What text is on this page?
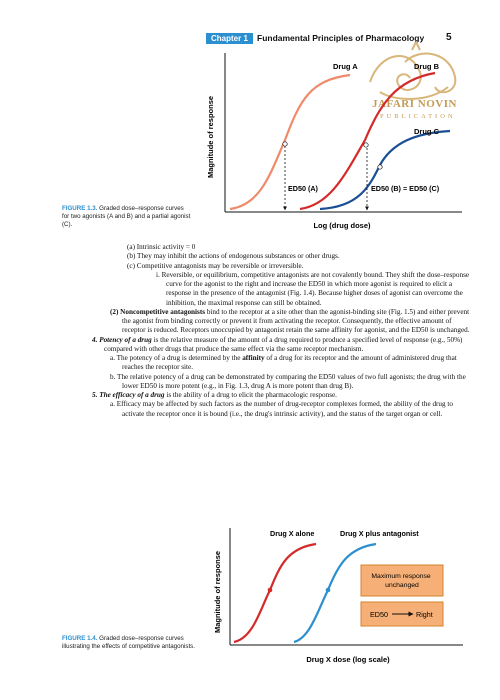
Chapter 1	Fundamental Principles of Pharmacology 5
JAFARI NOVIN
PUBLICATION
Magnitude of response
Log (drug dose)
Drug A	Drug B
Drug C
ED50 (A)	ED50 (B) = ED50 (C)
FIGURE 1.3. Graded dose–response curves for two agonists (A and B) and a partial agonist (C).

(a) Intrinsic activity = 0

(b) They may inhibit the actions of endogenous substances or other drugs.

(c) Competitive antagonists may be reversible or irreversible.

i. Reversible, or equilibrium, competitive antagonists are not covalently bound. They shift the dose–response curve for the agonist to the right and increase the ED50 in which more agonist is required to elicit a response in the presence of the antagonist (Fig. 1.4). Because higher doses of agonist can overcome the inhibition, the maximal response can still be obtained.

(2) Noncompetitive antagonists bind to the receptor at a site other than the agonist-binding site (Fig. 1.5) and either prevent the agonist from binding correctly or prevent it from activating the receptor. Consequently, the effective amount of receptor is reduced. Receptors unoccupied by antagonist retain the same affinity for agonist, and the ED50 is unchanged.

4. Potency of a drug is the relative measure of the amount of a drug required to produce a specified level of response (e.g., 50%) compared with other drugs that produce the same effect via the same receptor mechanism.

a. The potency of a drug is determined by the affinity of a drug for its receptor and the amount of administered drug that reaches the receptor site.

b. The relative potency of a drug can be demonstrated by comparing the ED50 values of two full agonists; the drug with the lower ED50 is more potent (e.g., in Fig. 1.3, drug A is more potent than drug B).

5. The efficacy of a drug is the ability of a drug to elicit the pharmacologic response.

a. Efficacy may be affected by such factors as the number of drug-receptor complexes formed, the ability of the drug to activate the receptor once it is bound (i.e., the drug's intrinsic activity), and the status of the target organ or cell.

Magnitude of response
Drug X dose (log scale)
Drug X alone	Drug X plus antagonist
Maximum response unchanged
ED50	Right
FIGURE 1.4. Graded dose–response curves illustrating the effects of competitive antagonists.
